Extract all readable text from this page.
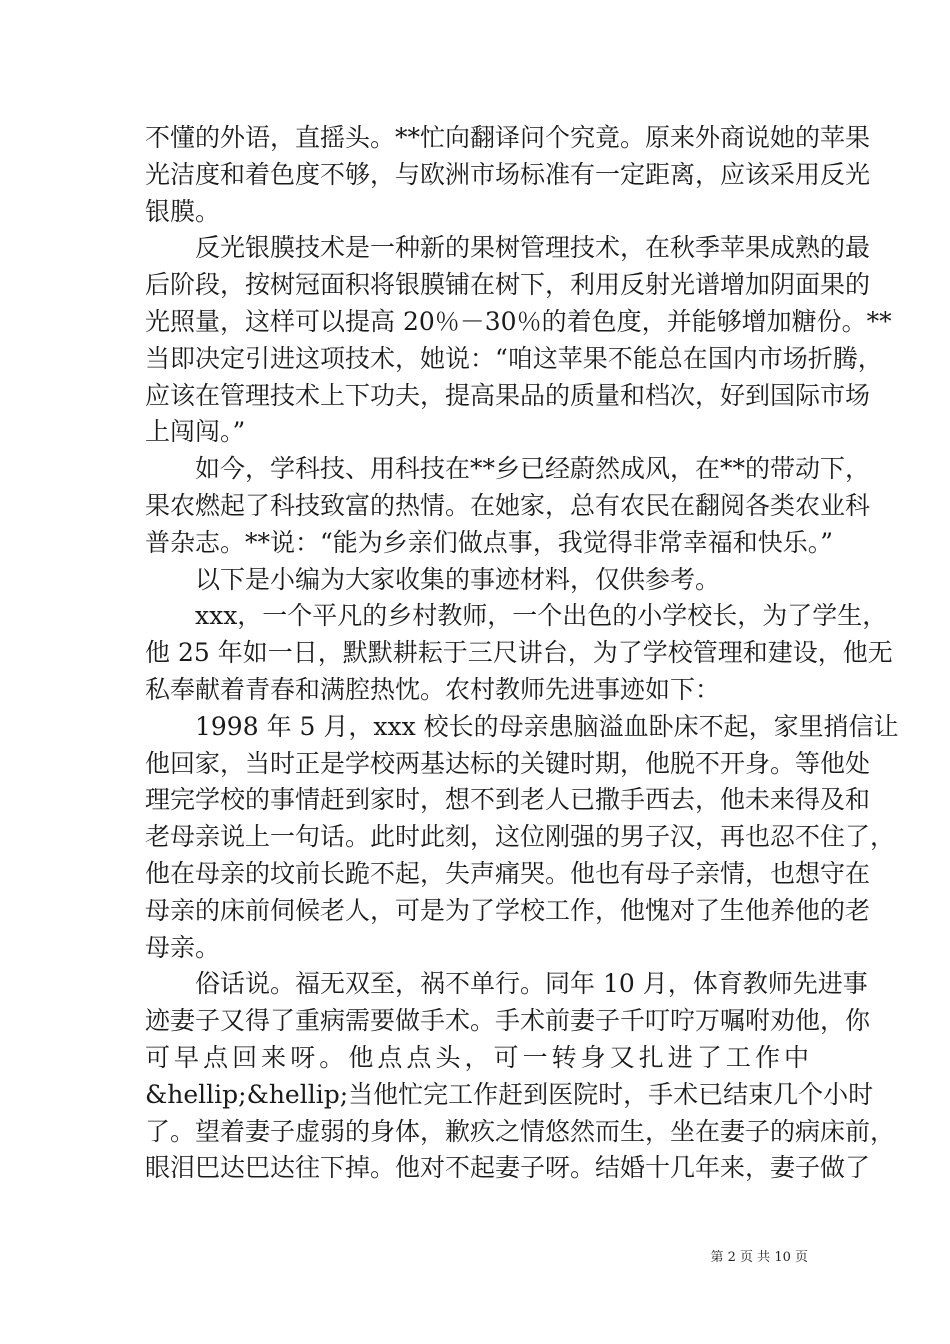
不懂的外语，直摇头。**忙向翻译问个究竟。原来外商说她的苹果
光洁度和着色度不够，与欧洲市场标准有一定距离，应该采用反光
银膜。
反光银膜技术是一种新的果树管理技术，在秋季苹果成熟的最
后阶段，按树冠面积将银膜铺在树下，利用反射光谱增加阴面果的
光照量，这样可以提高 20％－30％的着色度，并能够增加糖份。**
当即决定引进这项技术，她说：“咱这苹果不能总在国内市场折腾，
应该在管理技术上下功夫，提高果品的质量和档次，好到国际市场
上闯闯。”
如今，学科技、用科技在**乡已经蔚然成风，在**的带动下，
果农燃起了科技致富的热情。在她家，总有农民在翻阅各类农业科
普杂志。**说：“能为乡亲们做点事，我觉得非常幸福和快乐。”
以下是小编为大家收集的事迹材料，仅供参考。
xxx，一个平凡的乡村教师，一个出色的小学校长，为了学生，
他 25 年如一日，默默耕耘于三尺讲台，为了学校管理和建设，他无
私奉献着青春和满腔热忱。农村教师先进事迹如下：
1998 年 5 月，xxx 校长的母亲患脑溢血卧床不起，家里捎信让
他回家，当时正是学校两基达标的关键时期，他脱不开身。等他处
理完学校的事情赶到家时，想不到老人已撒手西去，他未来得及和
老母亲说上一句话。此时此刻，这位刚强的男子汉，再也忍不住了，
他在母亲的坟前长跪不起，失声痛哭。他也有母子亲情，也想守在
母亲的床前伺候老人，可是为了学校工作，他愧对了生他养他的老
母亲。
俗话说。福无双至，祸不单行。同年 10 月，体育教师先进事
迹妻子又得了重病需要做手术。手术前妻子千叮咛万嘱咐劝他，你
可早点回来呀。他点点头，可一转身又扎进了工作中
&hellip;&hellip;当他忙完工作赶到医院时，手术已结束几个小时
了。望着妻子虚弱的身体，歉疚之情悠然而生，坐在妻子的病床前，
眼泪巴达巴达往下掉。他对不起妻子呀。结婚十几年来，妻子做了
第 2 页 共 10 页
